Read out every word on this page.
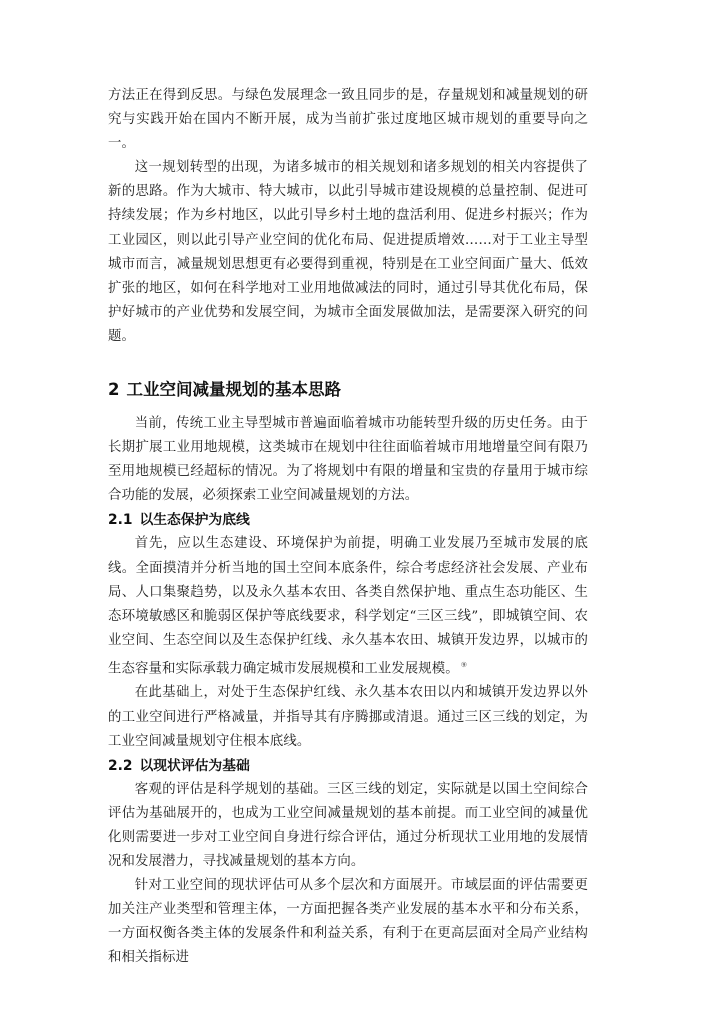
方法正在得到反思。与绿色发展理念一致且同步的是，存量规划和减量规划的研究与实践开始在国内不断开展，成为当前扩张过度地区城市规划的重要导向之一。

这一规划转型的出现，为诸多城市的相关规划和诸多规划的相关内容提供了新的思路。作为大城市、特大城市，以此引导城市建设规模的总量控制、促进可持续发展；作为乡村地区，以此引导乡村土地的盘活利用、促进乡村振兴；作为工业园区，则以此引导产业空间的优化布局、促进提质增效……对于工业主导型城市而言，减量规划思想更有必要得到重视，特别是在工业空间面广量大、低效扩张的地区，如何在科学地对工业用地做减法的同时，通过引导其优化布局，保护好城市的产业优势和发展空间，为城市全面发展做加法，是需要深入研究的问题。

2 工业空间减量规划的基本思路

当前，传统工业主导型城市普遍面临着城市功能转型升级的历史任务。由于长期扩展工业用地规模，这类城市在规划中往往面临着城市用地增量空间有限乃至用地规模已经超标的情况。为了将规划中有限的增量和宝贵的存量用于城市综合功能的发展，必须探索工业空间减量规划的方法。

2.1 以生态保护为底线

首先，应以生态建设、环境保护为前提，明确工业发展乃至城市发展的底线。全面摸清并分析当地的国土空间本底条件，综合考虑经济社会发展、产业布局、人口集聚趋势，以及永久基本农田、各类自然保护地、重点生态功能区、生态环境敏感区和脆弱区保护等底线要求，科学划定“三区三线”，即城镇空间、农业空间、生态空间以及生态保护红线、永久基本农田、城镇开发边界，以城市的生态容量和实际承载力确定城市发展规模和工业发展规模。 ⑨

在此基础上，对处于生态保护红线、永久基本农田以内和城镇开发边界以外的工业空间进行严格减量，并指导其有序腾挪或清退。通过三区三线的划定，为工业空间减量规划守住根本底线。

2.2 以现状评估为基础

客观的评估是科学规划的基础。三区三线的划定，实际就是以国土空间综合评估为基础展开的，也成为工业空间减量规划的基本前提。而工业空间的减量优化则需要进一步对工业空间自身进行综合评估，通过分析现状工业用地的发展情况和发展潜力，寻找减量规划的基本方向。

针对工业空间的现状评估可从多个层次和方面展开。市域层面的评估需要更加关注产业类型和管理主体，一方面把握各类产业发展的基本水平和分布关系，一方面权衡各类主体的发展条件和利益关系，有利于在更高层面对全局产业结构和相关指标进
